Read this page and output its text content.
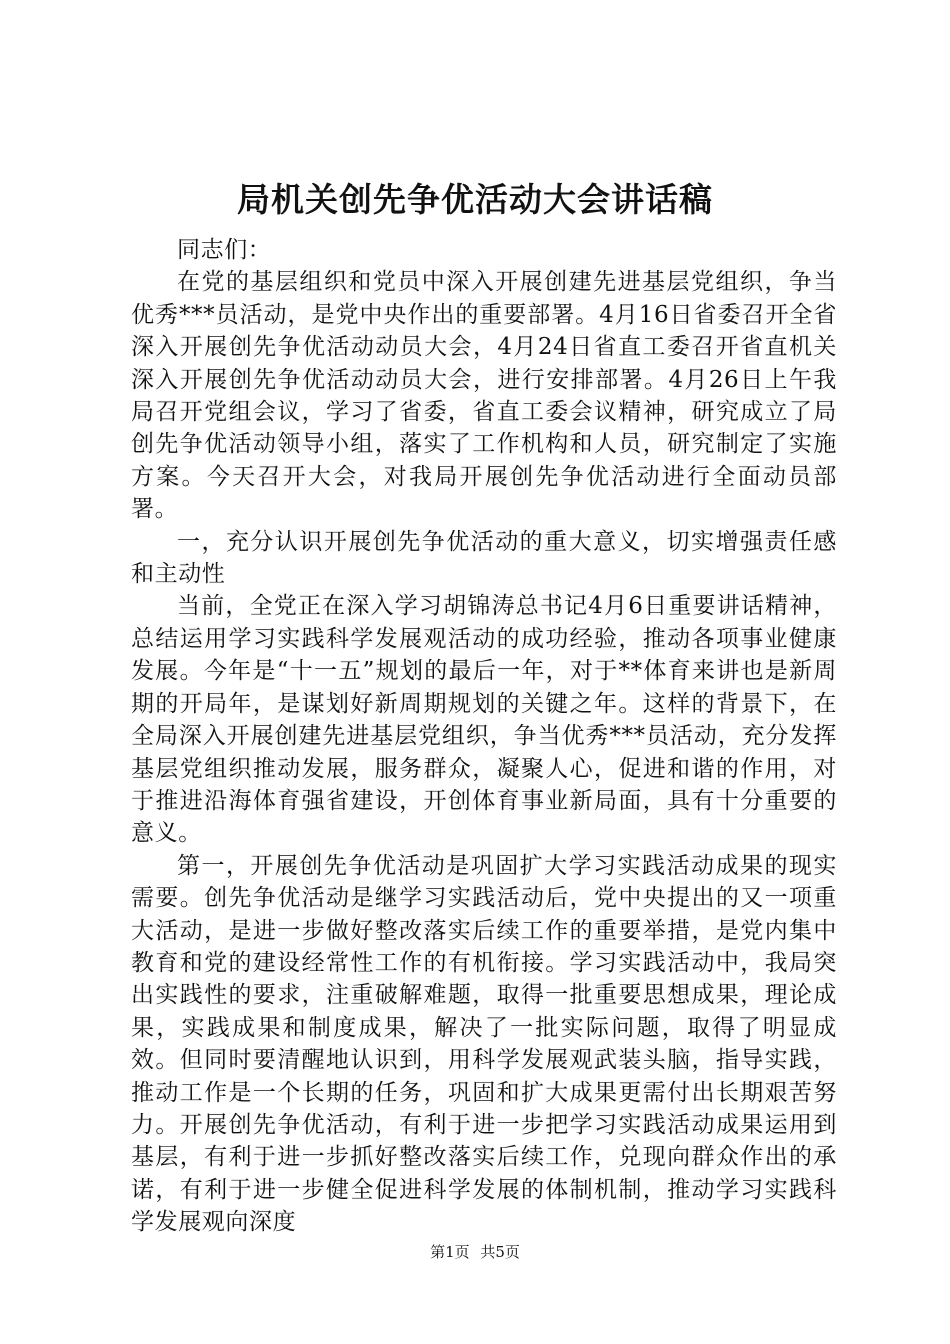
局机关创先争优活动大会讲话稿

同志们：

在党的基层组织和党员中深入开展创建先进基层党组织，争当优秀***员活动，是党中央作出的重要部署。4月16日省委召开全省深入开展创先争优活动动员大会，4月24日省直工委召开省直机关深入开展创先争优活动动员大会，进行安排部署。4月26日上午我局召开党组会议，学习了省委，省直工委会议精神，研究成立了局创先争优活动领导小组，落实了工作机构和人员，研究制定了实施方案。今天召开大会，对我局开展创先争优活动进行全面动员部署。

一，充分认识开展创先争优活动的重大意义，切实增强责任感和主动性

当前，全党正在深入学习胡锦涛总书记4月6日重要讲话精神，总结运用学习实践科学发展观活动的成功经验，推动各项事业健康发展。今年是“十一五”规划的最后一年，对于**体育来讲也是新周期的开局年，是谋划好新周期规划的关键之年。这样的背景下，在全局深入开展创建先进基层党组织，争当优秀***员活动，充分发挥基层党组织推动发展，服务群众，凝聚人心，促进和谐的作用，对于推进沿海体育强省建设，开创体育事业新局面，具有十分重要的意义。

第一，开展创先争优活动是巩固扩大学习实践活动成果的现实需要。创先争优活动是继学习实践活动后，党中央提出的又一项重大活动，是进一步做好整改落实后续工作的重要举措，是党内集中教育和党的建设经常性工作的有机衔接。学习实践活动中，我局突出实践性的要求，注重破解难题，取得一批重要思想成果，理论成果，实践成果和制度成果，解决了一批实际问题，取得了明显成效。但同时要清醒地认识到，用科学发展观武装头脑，指导实践，推动工作是一个长期的任务，巩固和扩大成果更需付出长期艰苦努力。开展创先争优活动，有利于进一步把学习实践活动成果运用到基层，有利于进一步抓好整改落实后续工作，兑现向群众作出的承诺，有利于进一步健全促进科学发展的体制机制，推动学习实践科学发展观向深度

第1页 共5页
